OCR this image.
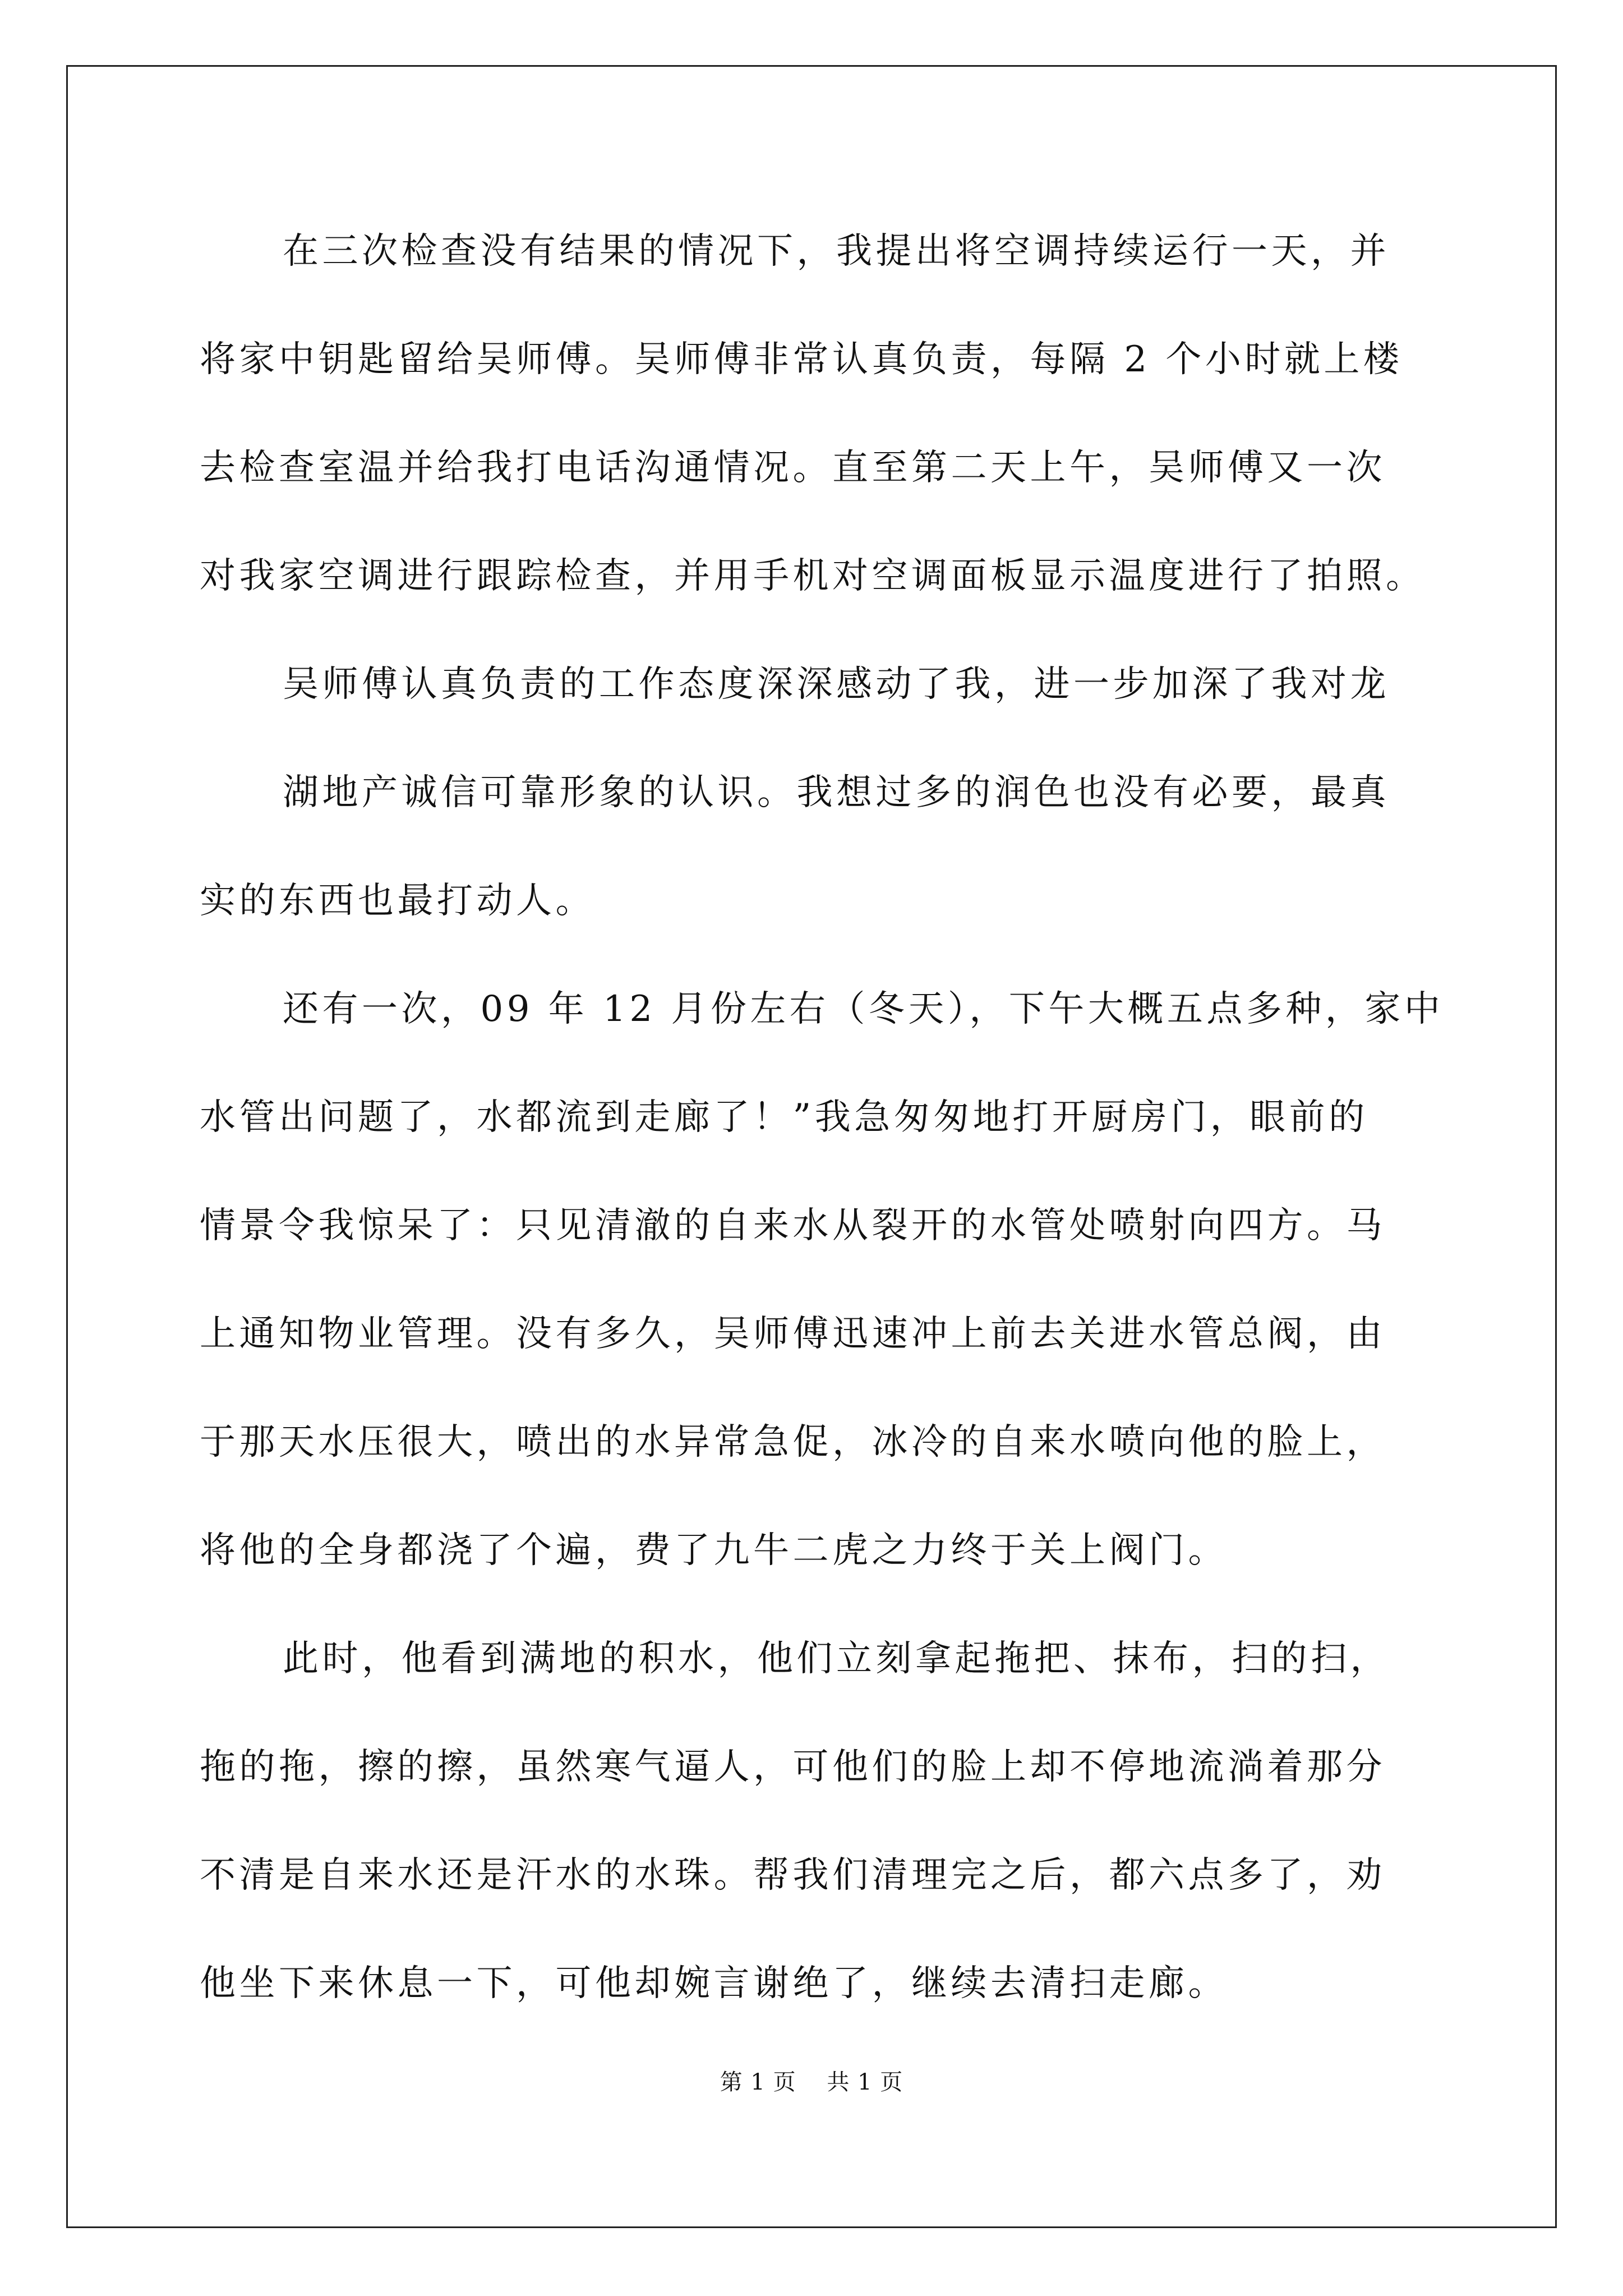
在三次检查没有结果的情况下，我提出将空调持续运行一天，并
将家中钥匙留给吴师傅。吴师傅非常认真负责，每隔 2 个小时就上楼
去检查室温并给我打电话沟通情况。直至第二天上午，吴师傅又一次
对我家空调进行跟踪检查，并用手机对空调面板显示温度进行了拍照。
吴师傅认真负责的工作态度深深感动了我，进一步加深了我对龙
湖地产诚信可靠形象的认识。我想过多的润色也没有必要，最真
实的东西也最打动人。
还有一次，09 年 12 月份左右（冬天），下午大概五点多种，家中
水管出问题了，水都流到走廊了！”我急匆匆地打开厨房门，眼前的
情景令我惊呆了：只见清澈的自来水从裂开的水管处喷射向四方。马
上通知物业管理。没有多久，吴师傅迅速冲上前去关进水管总阀，由
于那天水压很大，喷出的水异常急促，冰冷的自来水喷向他的脸上，
将他的全身都浇了个遍，费了九牛二虎之力终于关上阀门。
此时，他看到满地的积水，他们立刻拿起拖把、抹布，扫的扫，
拖的拖，擦的擦，虽然寒气逼人，可他们的脸上却不停地流淌着那分
不清是自来水还是汗水的水珠。帮我们清理完之后，都六点多了，劝
他坐下来休息一下，可他却婉言谢绝了，继续去清扫走廊。
第 1 页    共 1 页
